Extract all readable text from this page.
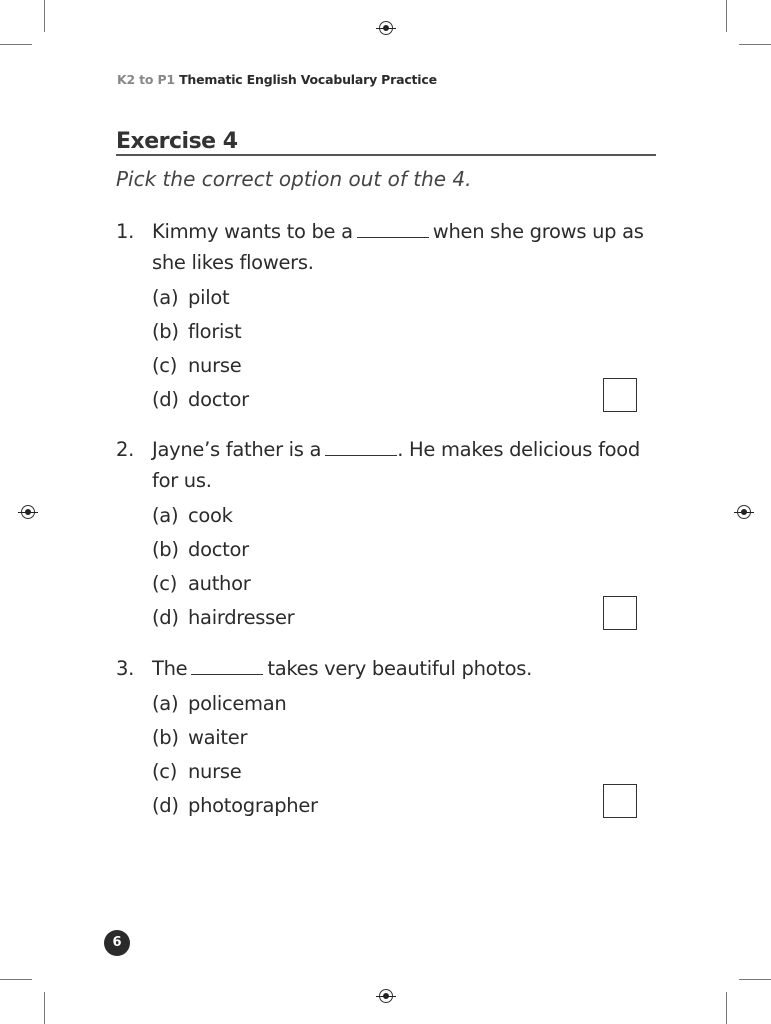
K2 to P1 Thematic English Vocabulary Practice
Exercise 4
Pick the correct option out of the 4.
1. Kimmy wants to be a	when she grows up as she likes flowers.
(a) pilot
(b) florist
(c) nurse
(d) doctor
2. Jayne’s father is a	. He makes delicious food for us.
(a) cook
(b) doctor
(c) author
(d) hairdresser
3. The	takes very beautiful photos.
(a) policeman
(b) waiter
(c) nurse
(d) photographer
6
